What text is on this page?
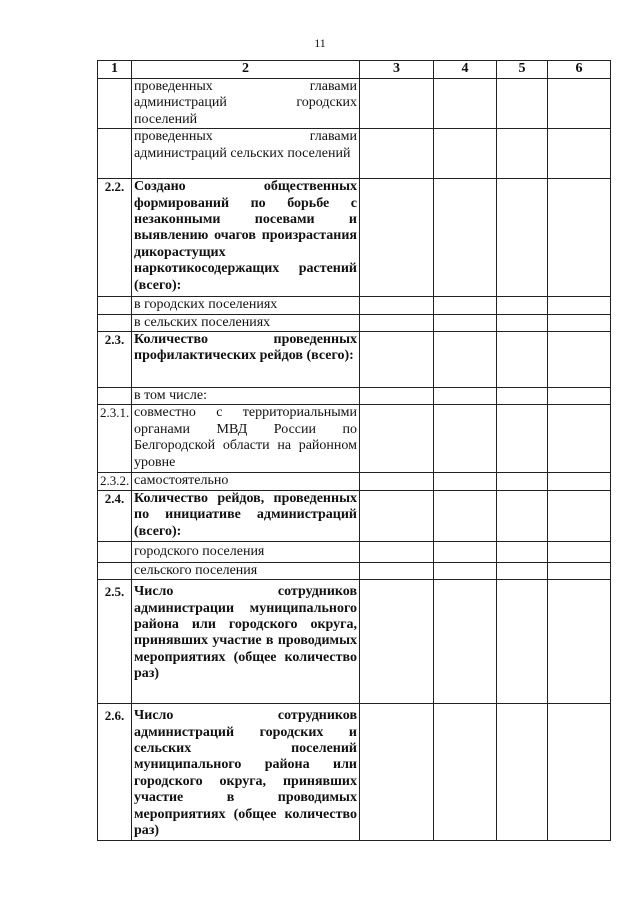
11
1	2	3	4	5	6
	проведенных главами администраций городских поселений				
	проведенных главами администраций сельских поселений				
2.2.	Создано общественных формирований по борьбе с незаконными посевами и выявлению очагов произрастания дикорастущих наркотикосодержащих растений (всего):				
	в городских поселениях				
	в сельских поселениях				
2.3.	Количество проведенных профилактических рейдов (всего):				
	в том числе:				
2.3.1.	совместно с территориальными органами МВД России по Белгородской области на районном уровне				
2.3.2.	самостоятельно				
2.4.	Количество рейдов, проведенных по инициативе администраций (всего):				
	городского поселения				
	сельского поселения				
2.5.	Число сотрудников администрации муниципального района или городского округа, принявших участие в проводимых мероприятиях (общее количество раз)				
2.6.	Число сотрудников администраций городских и сельских поселений муниципального района или городского округа, принявших участие в проводимых мероприятиях (общее количество раз)				
